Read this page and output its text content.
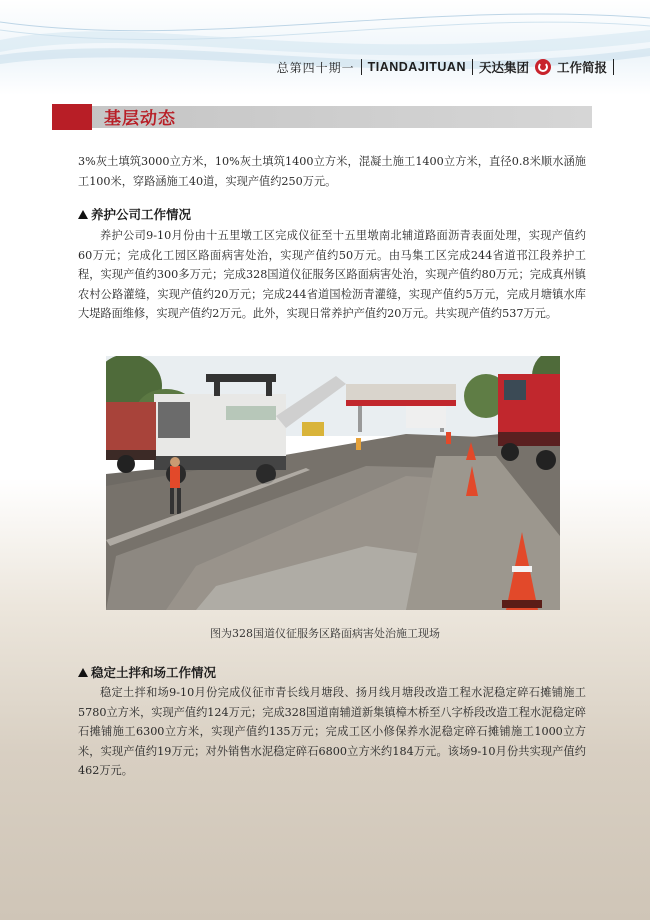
总第四十期一 TIANDAJITUAN 天达集团 工作简报
基层动态
3%灰土填筑3000立方米，10%灰土填筑1400立方米，混凝土施工1400立方米，直径0.8米顺水涵施工100米，穿路涵施工40道，实现产值约250万元。
养护公司工作情况
养护公司9-10月份由十五里墩工区完成仪征至十五里墩南北辅道路面沥青表面处理，实现产值约60万元；完成化工园区路面病害处治，实现产值约50万元。由马集工区完成244省道邗江段养护工程，实现产值约300多万元；完成328国道仪征服务区路面病害处治，实现产值约80万元；完成真州镇农村公路灌缝，实现产值约20万元；完成244省道国检沥青灌缝，实现产值约5万元，完成月塘镇水库大堤路面维修，实现产值约2万元。此外，实现日常养护产值约20万元。共实现产值约537万元。
图为328国道仪征服务区路面病害处治施工现场
稳定土拌和场工作情况
稳定土拌和场9-10月份完成仪征市青长线月塘段、扬月线月塘段改造工程水泥稳定碎石摊铺施工5780立方米，实现产值约124万元；完成328国道南辅道新集镇樟木桥至八字桥段改造工程水泥稳定碎石摊铺施工6300立方米，实现产值约135万元；完成工区小修保养水泥稳定碎石摊铺施工1000立方米，实现产值约19万元；对外销售水泥稳定碎石6800立方米约184万元。该场9-10月份共实现产值约462万元。
